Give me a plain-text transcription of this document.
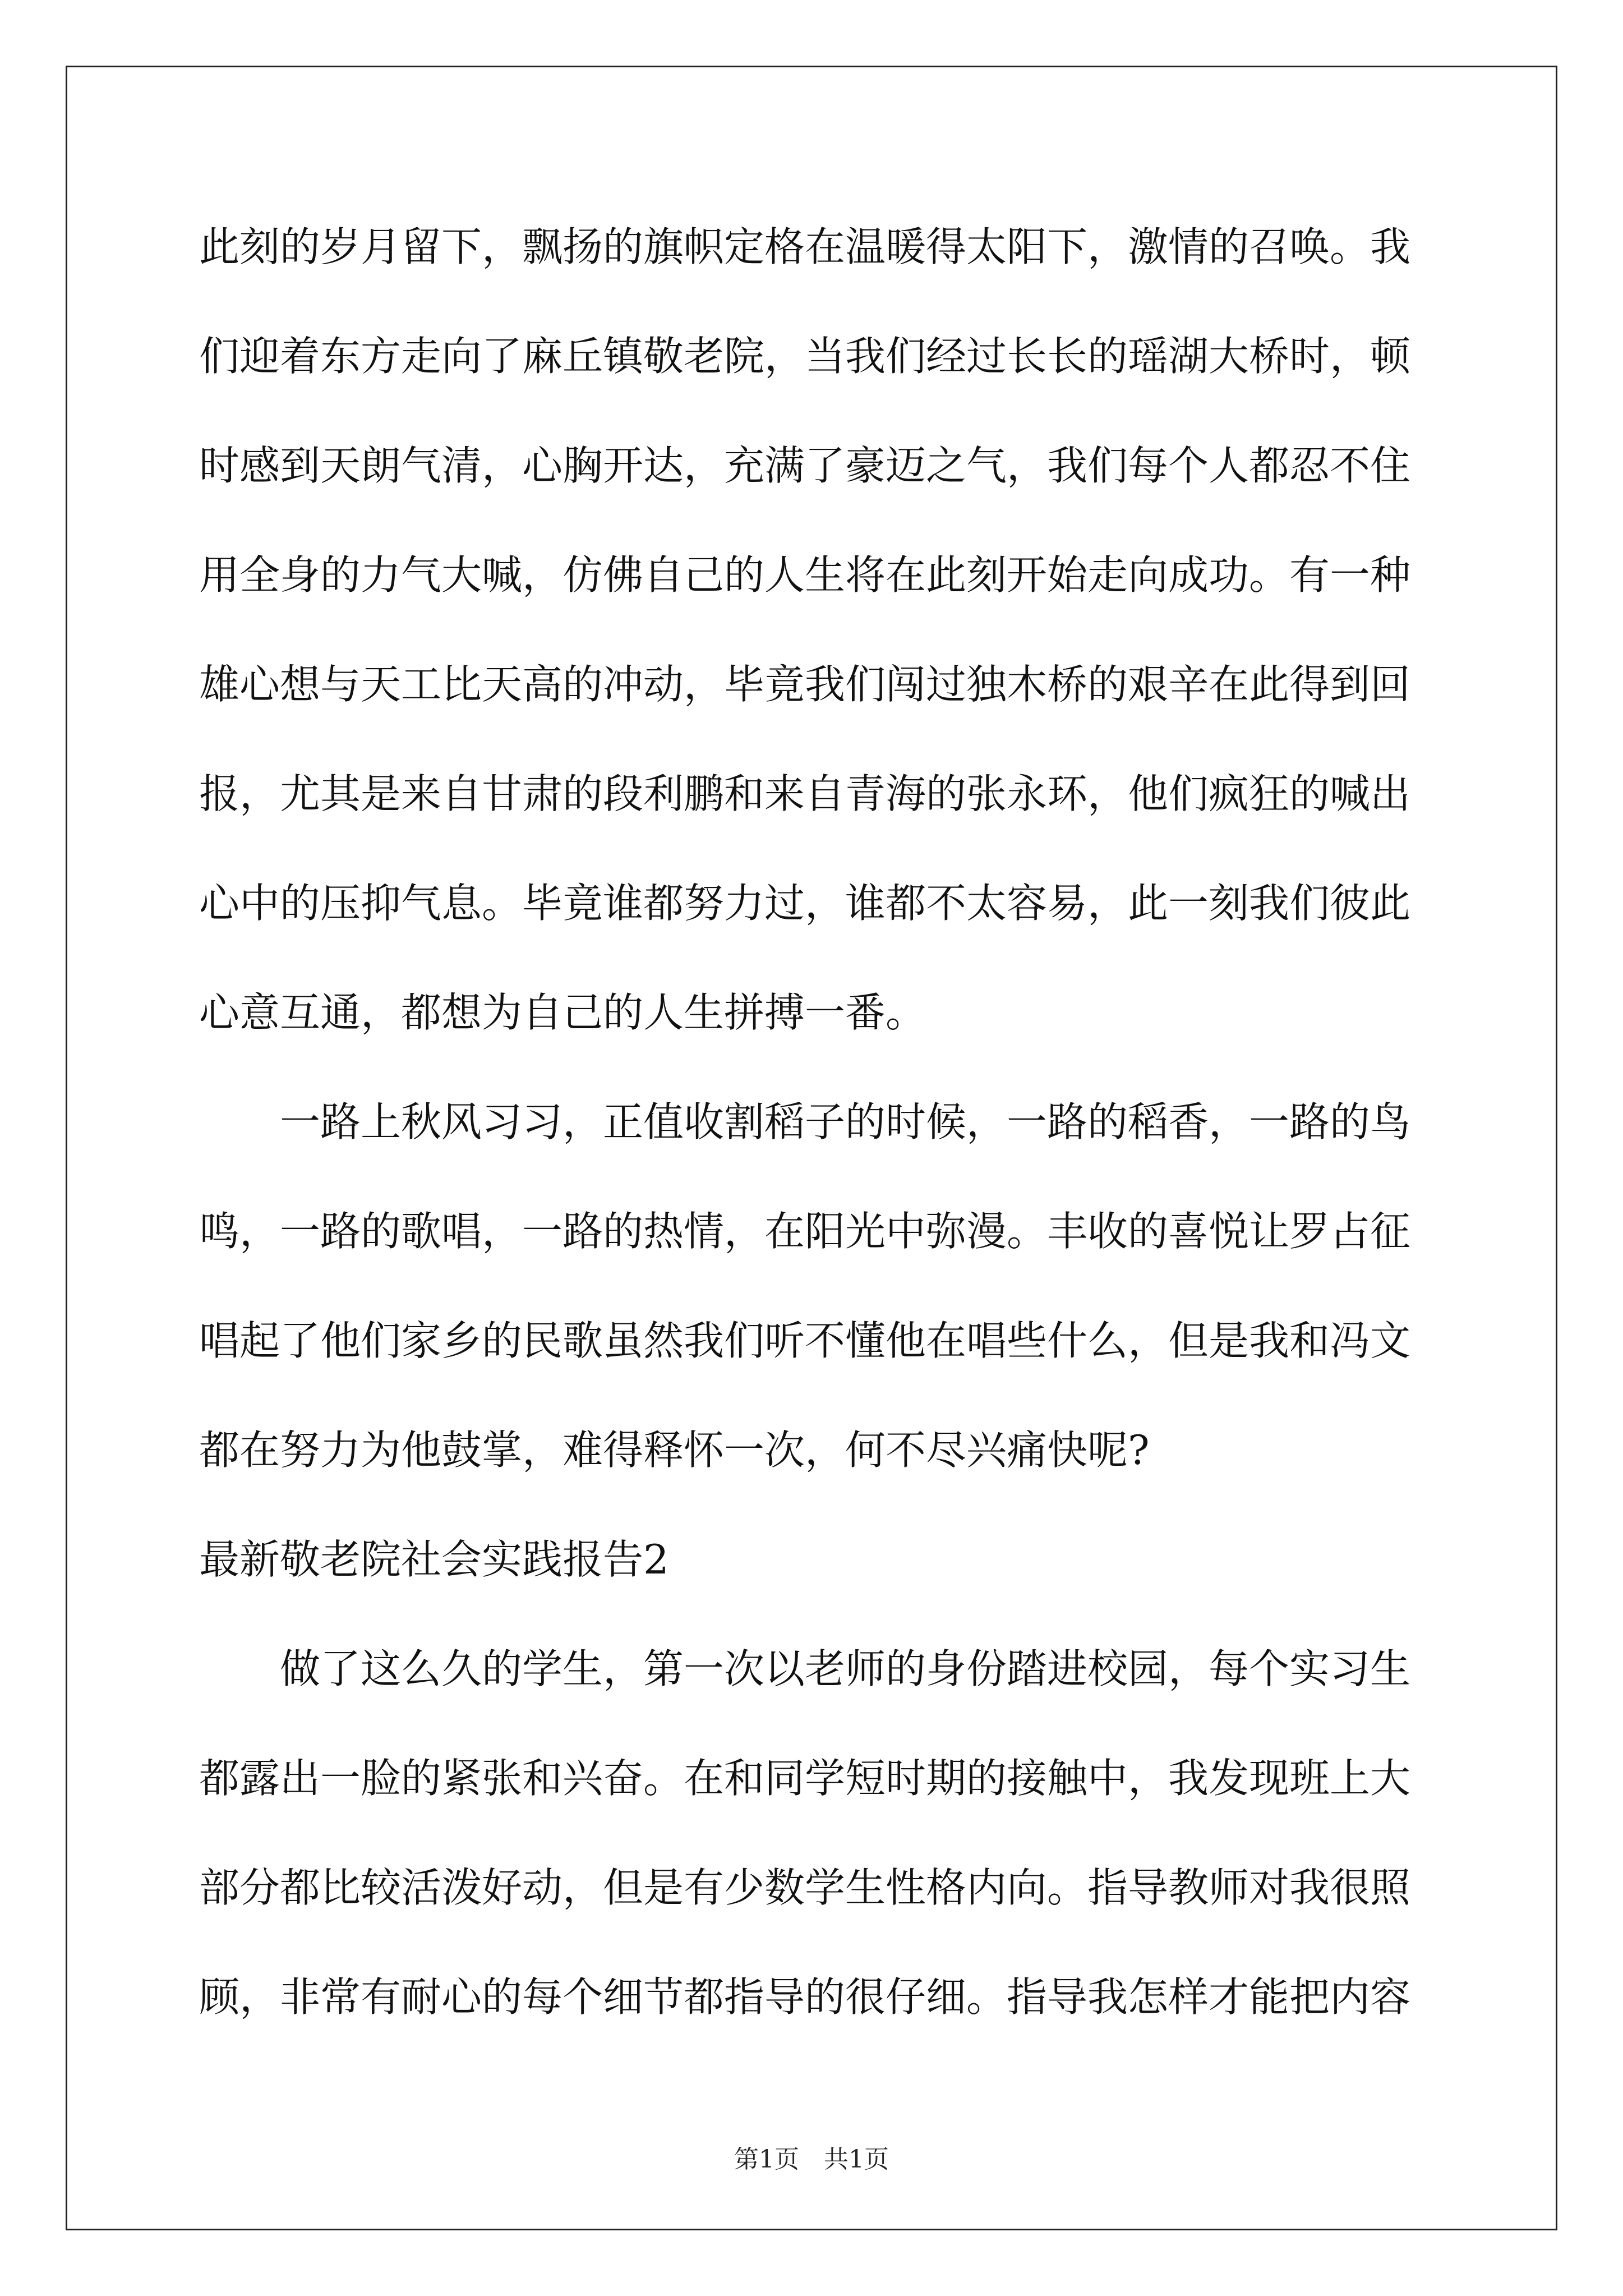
此刻的岁月留下，飘扬的旗帜定格在温暖得太阳下，激情的召唤。我
们迎着东方走向了麻丘镇敬老院，当我们经过长长的瑶湖大桥时，顿
时感到天朗气清，心胸开达，充满了豪迈之气，我们每个人都忍不住
用全身的力气大喊，仿佛自己的人生将在此刻开始走向成功。有一种
雄心想与天工比天高的冲动，毕竟我们闯过独木桥的艰辛在此得到回
报，尤其是来自甘肃的段利鹏和来自青海的张永环，他们疯狂的喊出
心中的压抑气息。毕竟谁都努力过，谁都不太容易，此一刻我们彼此
心意互通，都想为自己的人生拼搏一番。
　　一路上秋风习习，正值收割稻子的时候，一路的稻香，一路的鸟
鸣，一路的歌唱，一路的热情，在阳光中弥漫。丰收的喜悦让罗占征
唱起了他们家乡的民歌虽然我们听不懂他在唱些什么，但是我和冯文
都在努力为他鼓掌，难得释怀一次，何不尽兴痛快呢?
最新敬老院社会实践报告2
　　做了这么久的学生，第一次以老师的身份踏进校园，每个实习生
都露出一脸的紧张和兴奋。在和同学短时期的接触中，我发现班上大
部分都比较活泼好动，但是有少数学生性格内向。指导教师对我很照
顾，非常有耐心的每个细节都指导的很仔细。指导我怎样才能把内容
第1页　共1页
